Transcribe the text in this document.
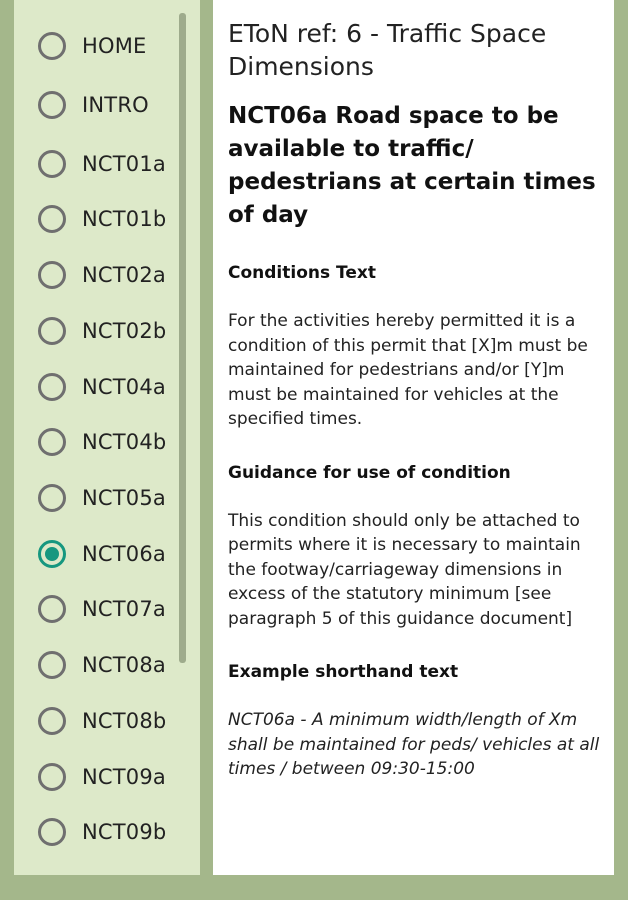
HOME
INTRO
NCT01a
NCT01b
NCT02a
NCT02b
NCT04a
NCT04b
NCT05a
NCT06a
NCT07a
NCT08a
NCT08b
NCT09a
NCT09b
EToN ref: 6 - Traffic Space Dimensions
NCT06a Road space to be available to traffic/ pedestrians at certain times of day
Conditions Text

For the activities hereby permitted it is a condition of this permit that [X]m must be maintained for pedestrians and/or [Y]m must be maintained for vehicles at the specified times.

Guidance for use of condition

This condition should only be attached to permits where it is necessary to maintain the footway/carriageway dimensions in excess of the statutory minimum [see paragraph 5 of this guidance document]

Example shorthand text

NCT06a - A minimum width/length of Xm shall be maintained for peds/ vehicles at all times / between 09:30-15:00
